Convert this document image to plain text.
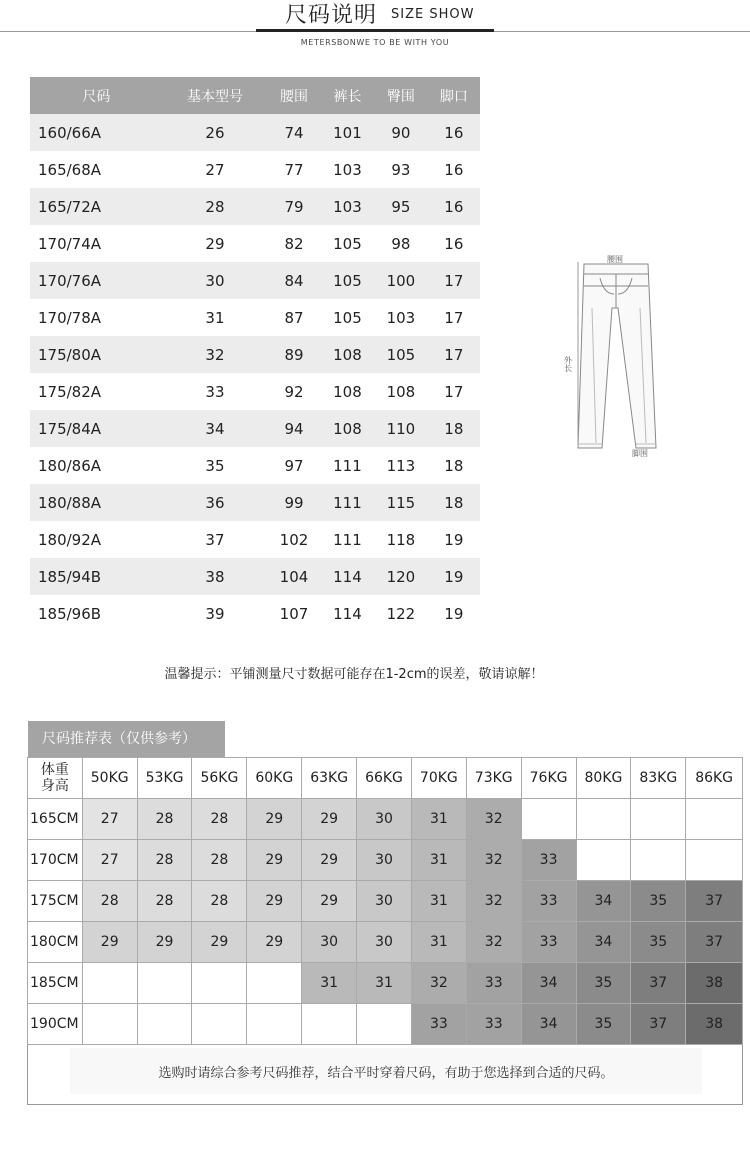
尺码说明 SIZE SHOW
METERSBONWE TO BE WITH YOU
尺码	基本型号	腰围	裤长	臀围	脚口
160/66A	26	74	101	90	16
165/68A	27	77	103	93	16
165/72A	28	79	103	95	16
170/74A	29	82	105	98	16
170/76A	30	84	105	100	17
170/78A	31	87	105	103	17
175/80A	32	89	108	105	17
175/82A	33	92	108	108	17
175/84A	34	94	108	110	18
180/86A	35	97	111	113	18
180/88A	36	99	111	115	18
180/92A	37	102	111	118	19
185/94B	38	104	114	120	19
185/96B	39	107	114	122	19
腰围
外长
脚围
温馨提示：平铺测量尺寸数据可能存在1-2cm的误差，敬请谅解！
尺码推荐表（仅供参考）
体重
身高	50KG	53KG	56KG	60KG	63KG	66KG	70KG	73KG	76KG	80KG	83KG	86KG
165CM	27	28	28	29	29	30	31	32				
170CM	27	28	28	29	29	30	31	32	33			
175CM	28	28	28	29	29	30	31	32	33	34	35	37
180CM	29	29	29	29	30	30	31	32	33	34	35	37
185CM					31	31	32	33	34	35	37	38
190CM							33	33	34	35	37	38
选购时请综合参考尺码推荐，结合平时穿着尺码，有助于您选择到合适的尺码。
